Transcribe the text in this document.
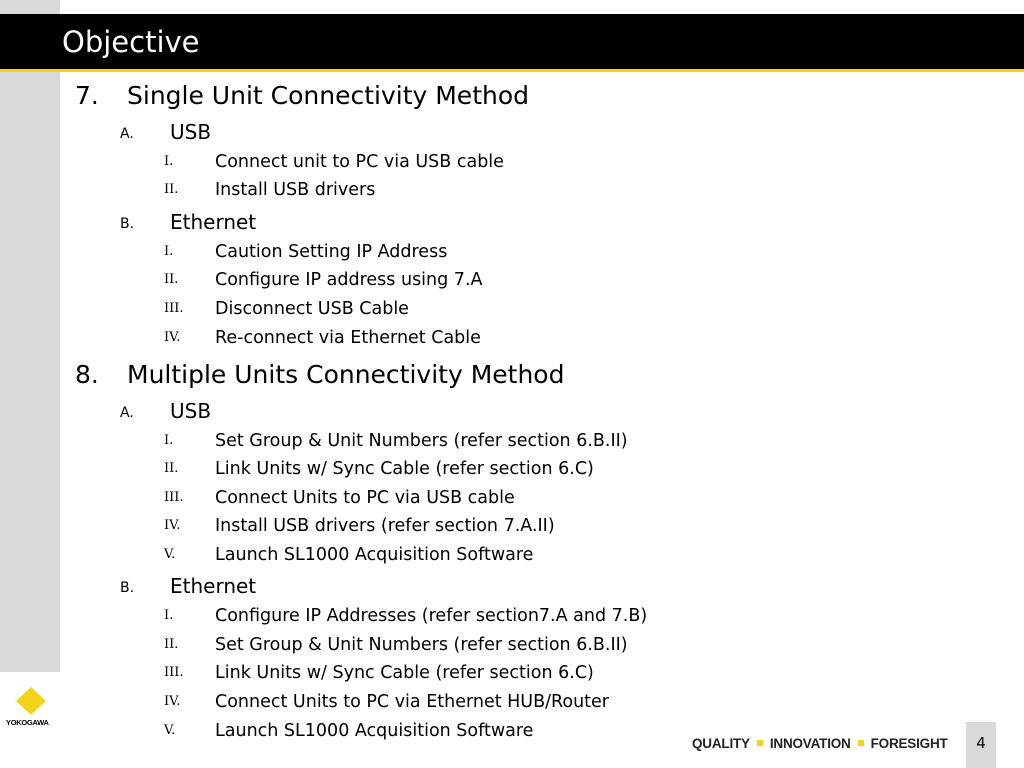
Objective
7. Single Unit Connectivity Method
A. USB
I. Connect unit to PC via USB cable
II. Install USB drivers
B. Ethernet
I. Caution Setting IP Address
II. Configure IP address using 7.A
III. Disconnect USB Cable
IV. Re-connect via Ethernet Cable
8. Multiple Units Connectivity Method
A. USB
I. Set Group & Unit Numbers (refer section 6.B.II)
II. Link Units w/ Sync Cable (refer section 6.C)
III. Connect Units to PC via USB cable
IV. Install USB drivers (refer section 7.A.II)
V. Launch SL1000 Acquisition Software
B. Ethernet
I. Configure IP Addresses (refer section7.A and 7.B)
II. Set Group & Unit Numbers (refer section 6.B.II)
III. Link Units w/ Sync Cable (refer section 6.C)
IV. Connect Units to PC via Ethernet HUB/Router
V. Launch SL1000 Acquisition Software
YOKOGAWA
QUALITY INNOVATION FORESIGHT	4
